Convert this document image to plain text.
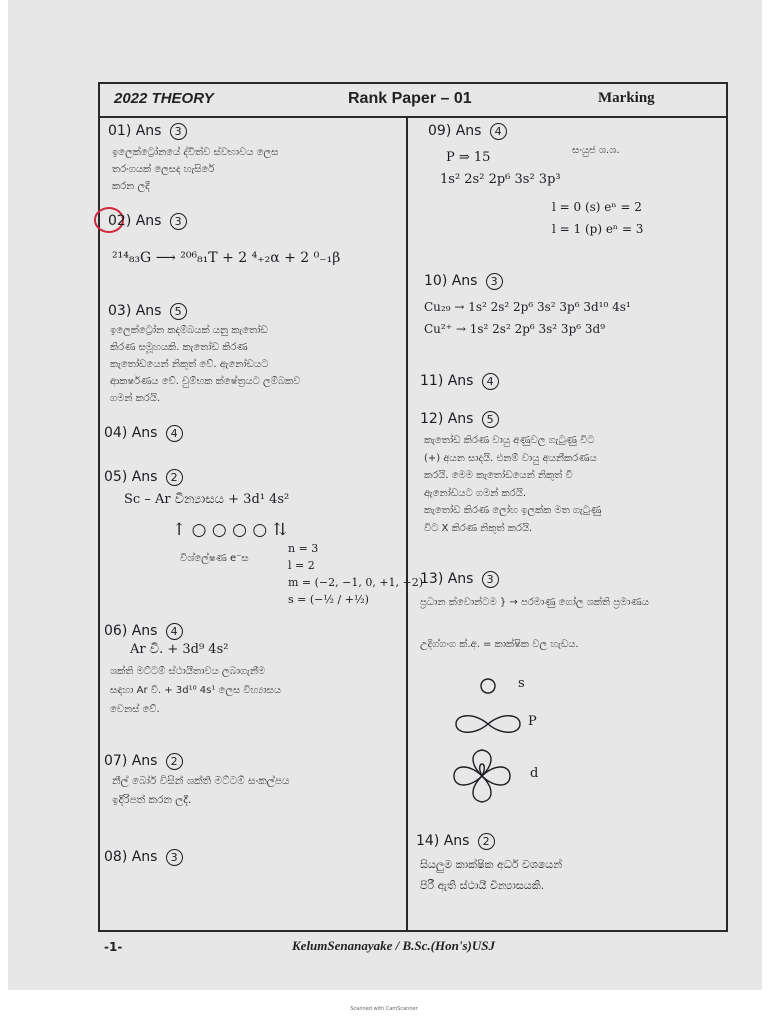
2022 THEORY	Rank Paper – 01	Marking
01) Ans 3
ඉලෙක්ට්‍රෝනයේ ද්විත්ව ස්වභාවය ලෙස
තරංගයක් ලෙසද හැසිරේ
කරන ලදී
02) Ans 3
²¹⁴₈₃G ⟶ ²⁰⁶₈₁T + 2 ⁴₊₂α + 2 ⁰₋₁β
03) Ans 5
ඉලෙක්ට්‍රෝන කදම්බයක් යනු කැතෝඩ
කිරණ සමූහයකි. කැතෝඩ කිරණ
කැතෝඩයෙන් නිකුත් වේ. ඇනෝඩයට
ආකර්ෂණය වේ. චුම්භක ක්ෂේත්‍රයට ලම්බකව
ගමන් කරයි.
04) Ans 4
05) Ans 2
Sc – Ar වින්‍යාසය + 3d¹ 4s²
↑ ○ ○ ○ ○ ⇅
විශ්ලේෂණ e⁻ස
n = 3
l = 2
m = (−2, −1, 0, +1, +2)
s = (−½ / +½)
06) Ans 4
Ar වි. + 3d⁹ 4s²
ශක්ති මට්ටම් ස්ථායීතාවය ලබාගැනීම
සඳහා Ar වි. + 3d¹⁰ 4s¹ ලෙස විහ්‍යාසය
වෙනස් වේ.
07) Ans 2
නීල් බෝර් විසින් ශක්ති මට්ටම් සංකල්පය
ඉදිරිපත් කරන ලදී.
08) Ans 3
09) Ans 4
සංයුජ ශ.ශ.
P ⇒ 15
1s² 2s² 2p⁶ 3s² 3p³
l = 0 (s) eⁿ = 2
l = 1 (p) eⁿ = 3
10) Ans 3
Cu₂₉ → 1s² 2s² 2p⁶ 3s² 3p⁶ 3d¹⁰ 4s¹
Cu²⁺ → 1s² 2s² 2p⁶ 3s² 3p⁶ 3d⁹
11) Ans 4
12) Ans 5
කැතෝඩ කිරණ වායු අණුවල ගැටුණු විට
(+) අයන සාදයි. එනම් වායු අයනීකරණය
කරයි. මෙම කැතෝඩයෙන් නිකුත් වී
ඇනෝඩයට ගමන් කරයි.
කැතෝඩ කිරණ ලෝහ ඉලක්ක මත ගැටුණු
විට X කිරණ නිකුත් කරයි.
13) Ans 3
ප්‍රධාන ක්වොන්ටම } → පරමාණු ගෝල ශක්ති ප්‍රමාණය
උදිග්ගංග ක්.අ. = කාක්ෂික වල හැඩය.
s
P
d
14) Ans 2
සියලුම කාක්ෂික අර්ධ වශයෙන්
පිරී ඇති ස්ථායී වින්‍යාසයකි.
-1-	KelumSenanayake / B.Sc.(Hon's)USJ
Scanned with CamScanner
